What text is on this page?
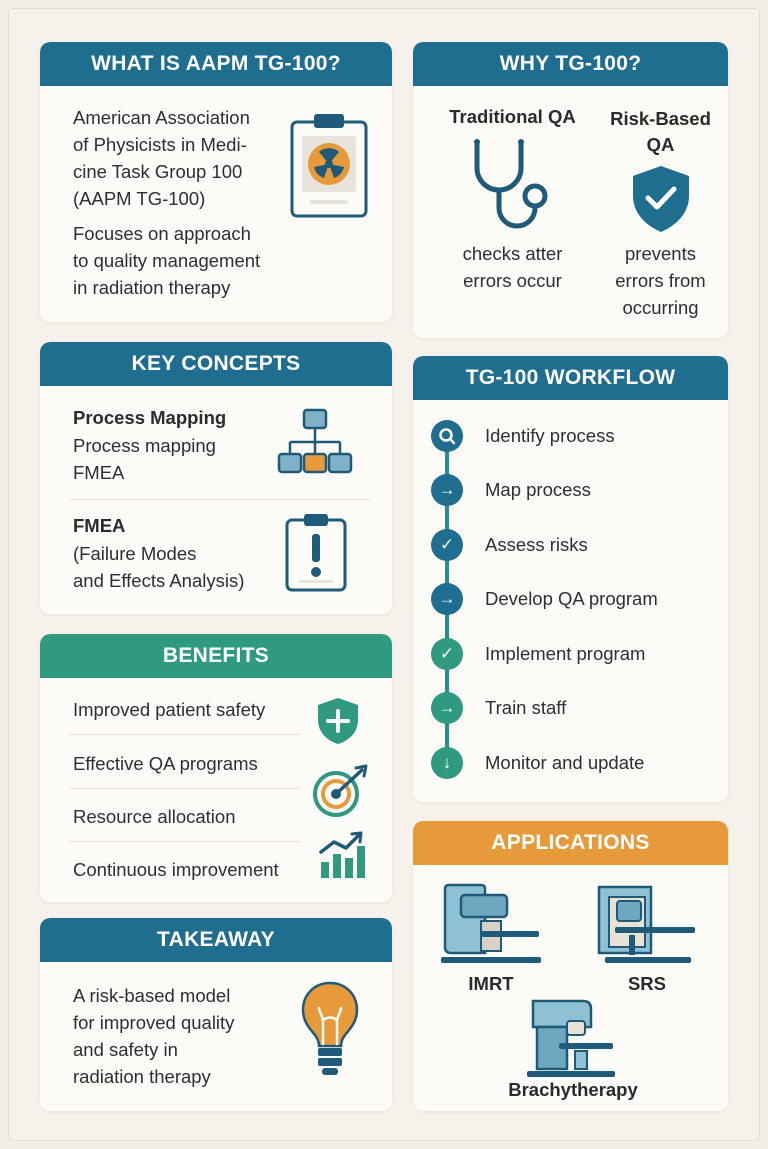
WHAT IS AAPM TG-100?
American Association
of Physicists in Medi-
cine Task Group 100
(AAPM TG-100)
Focuses on approach
to quality management
in radiation therapy
WHY TG-100?
Traditional QA
checks atter
errors occur
Risk-Based
QA
prevents
errors from
occurring
KEY CONCEPTS
Process Mapping
Process mapping
FMEA
FMEA
(Failure Modes
and Effects Analysis)
TG-100 WORKFLOW
Identify process
→	Map process
✓	Assess risks
→	Develop QA program
✓	Implement program
→	Train staff
↓	Monitor and update
BENEFITS
Improved patient safety
Effective QA programs
Resource allocation
Continuous improvement
APPLICATIONS
IMRT	SRS
Brachytherapy
TAKEAWAY
A risk-based model
for improved quality
and safety in
radiation therapy
